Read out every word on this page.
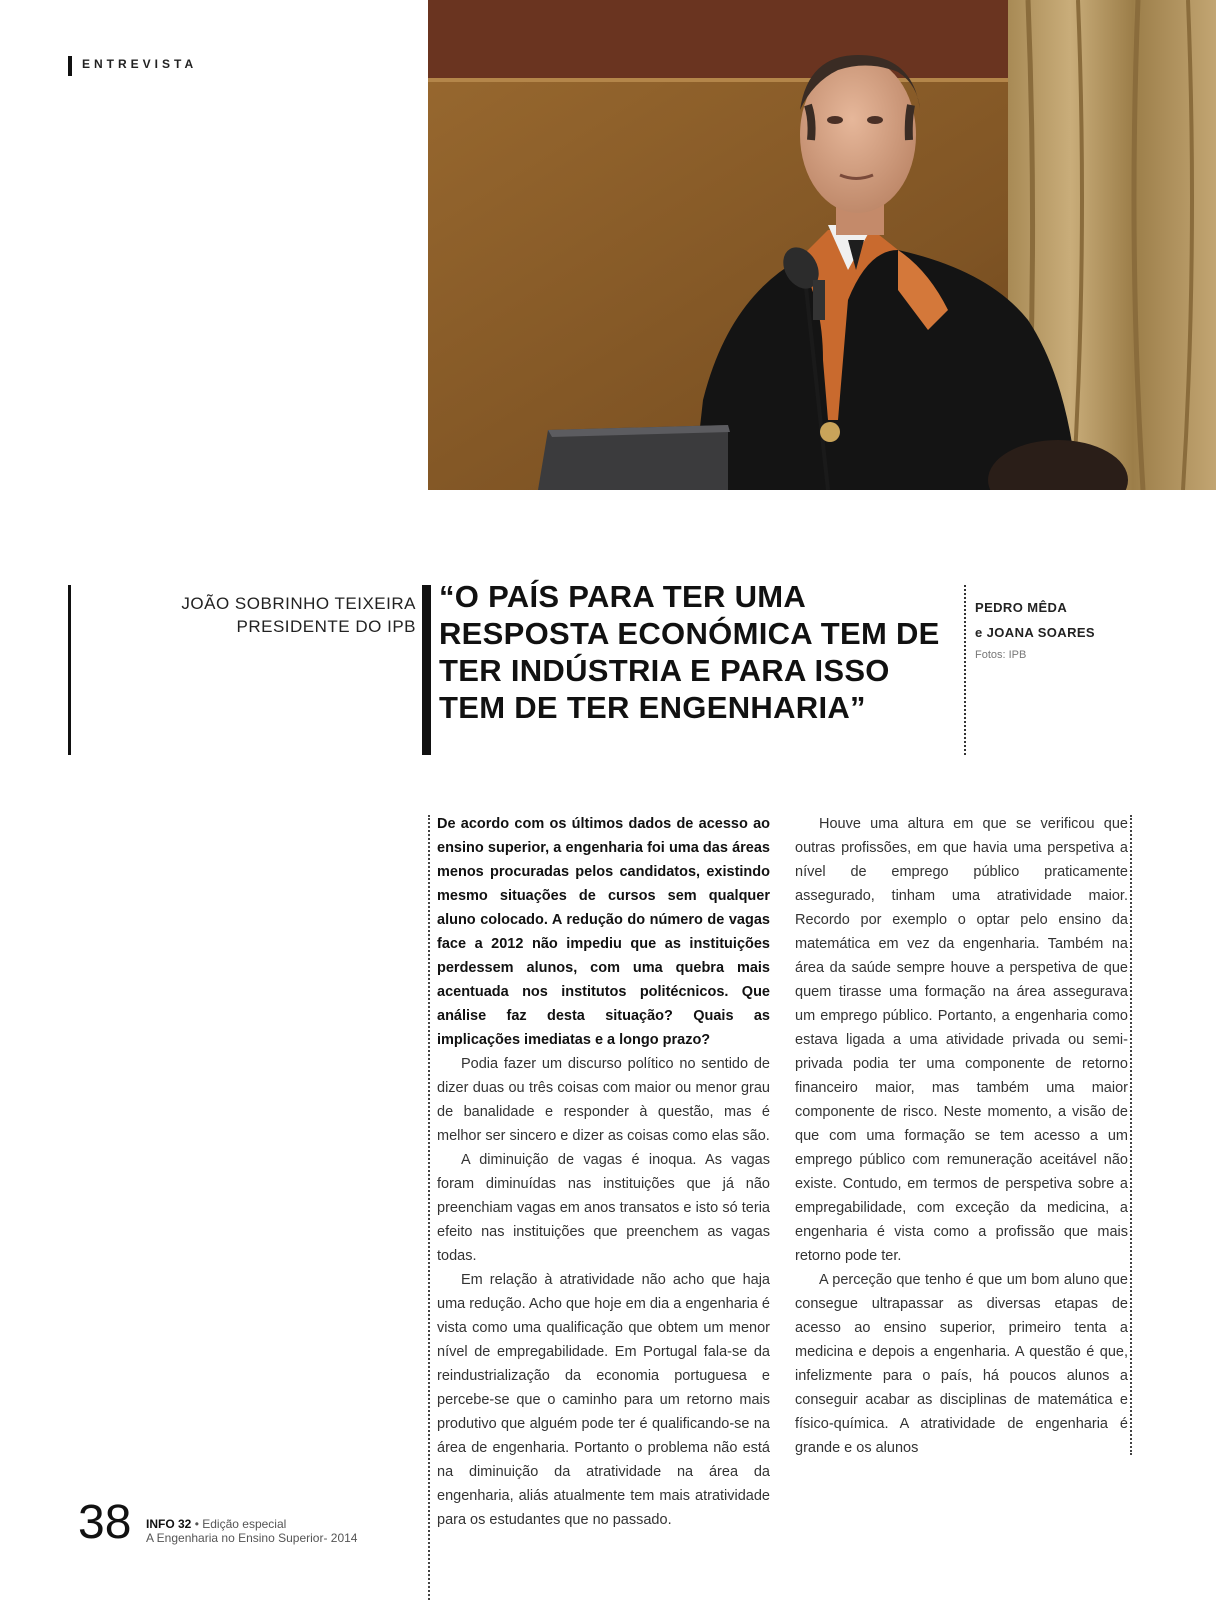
ENTREVISTA
JOÃO SOBRINHO TEIXEIRA
PRESIDENTE DO IPB
“O PAÍS PARA TER UMA RESPOSTA ECONÓMICA TEM DE TER INDÚSTRIA E PARA ISSO TEM DE TER ENGENHARIA”
PEDRO MÊDA
e JOANA SOARES
Fotos: IPB

De acordo com os últimos dados de acesso ao ensino superior, a engenharia foi uma das áreas menos procuradas pelos candidatos, existindo mesmo situações de cursos sem qualquer aluno colocado. A redução do número de vagas face a 2012 não impediu que as instituições perdessem alunos, com uma quebra mais acentuada nos institutos politécnicos. Que análise faz desta situação? Quais as implicações imediatas e a longo prazo?

Podia fazer um discurso político no sentido de dizer duas ou três coisas com maior ou menor grau de banalidade e responder à questão, mas é melhor ser sincero e dizer as coisas como elas são.

A diminuição de vagas é inoqua. As vagas foram diminuídas nas instituições que já não preenchiam vagas em anos transatos e isto só teria efeito nas instituições que preenchem as vagas todas.

Em relação à atratividade não acho que haja uma redução. Acho que hoje em dia a engenharia é vista como uma qualificação que obtem um menor nível de empregabilidade. Em Portugal fala-se da reindustrialização da economia portuguesa e percebe-se que o caminho para um retorno mais produtivo que alguém pode ter é qualificando-se na área de engenharia. Portanto o problema não está na diminuição da atratividade na área da engenharia, aliás atualmente tem mais atratividade para os estudantes que no passado.

Houve uma altura em que se verificou que outras profissões, em que havia uma perspetiva a nível de emprego público praticamente assegurado, tinham uma atratividade maior. Recordo por exemplo o optar pelo ensino da matemática em vez da engenharia. Também na área da saúde sempre houve a perspetiva de que quem tirasse uma formação na área assegurava um emprego público. Portanto, a engenharia como estava ligada a uma atividade privada ou semi-privada podia ter uma componente de retorno financeiro maior, mas também uma maior componente de risco. Neste momento, a visão de que com uma formação se tem acesso a um emprego público com remuneração aceitável não existe. Contudo, em termos de perspetiva sobre a empregabilidade, com exceção da medicina, a engenharia é vista como a profissão que mais retorno pode ter.

A perceção que tenho é que um bom aluno que consegue ultrapassar as diversas etapas de acesso ao ensino superior, primeiro tenta a medicina e depois a engenharia. A questão é que, infelizmente para o país, há poucos alunos a conseguir acabar as disciplinas de matemática e físico-química. A atratividade de engenharia é grande e os alunos

38 INFO 32 • Edição especial
A Engenharia no Ensino Superior- 2014
